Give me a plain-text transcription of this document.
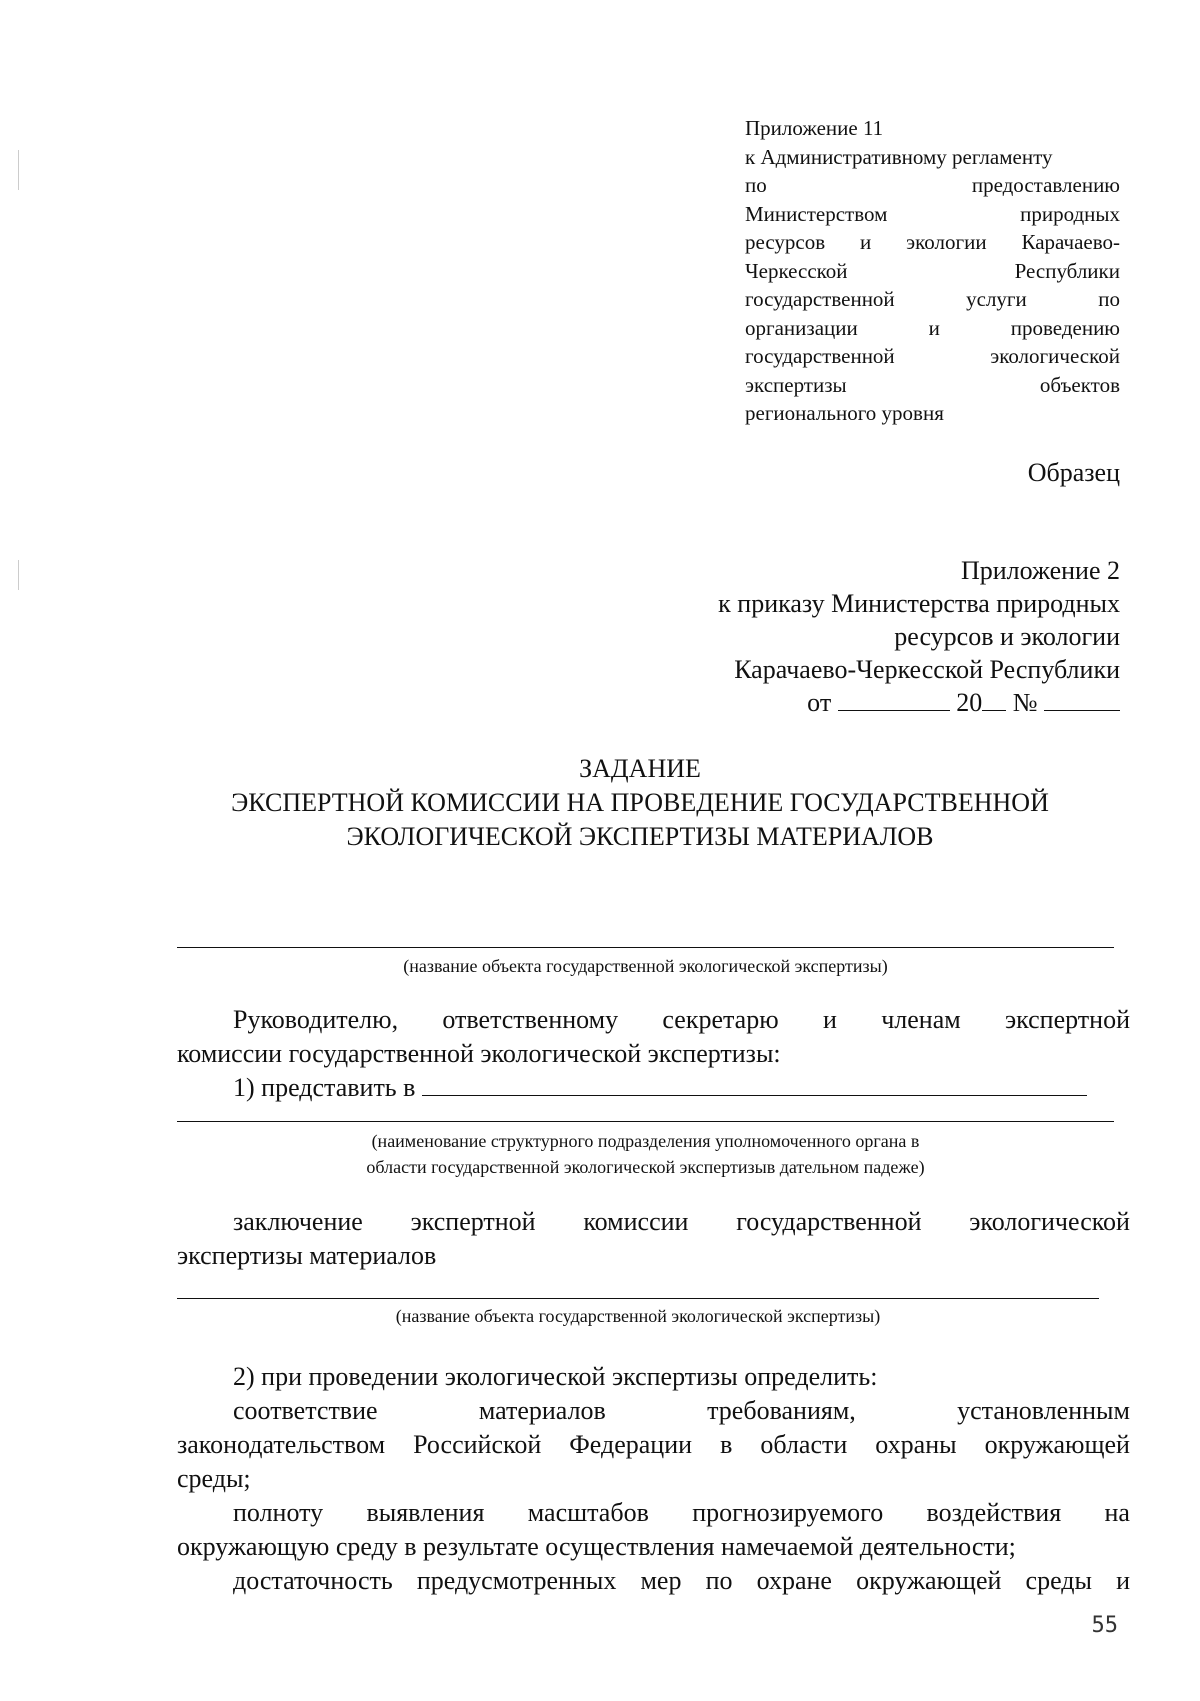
Приложение 11
к Административному регламенту
по	предоставлению
Министерством	природных
ресурсов и экологии Карачаево-
Черкесской	Республики
государственной	услуги	по
организации	и	проведению
государственной	экологической
экспертизы	объектов
регионального уровня
Образец
Приложение 2
к приказу Министерства природных
ресурсов и экологии
Карачаево-Черкесской Республики
от	20 №
ЗАДАНИЕ
ЭКСПЕРТНОЙ КОМИССИИ НА ПРОВЕДЕНИЕ ГОСУДАРСТВЕННОЙ
ЭКОЛОГИЧЕСКОЙ ЭКСПЕРТИЗЫ МАТЕРИАЛОВ
(название объекта государственной экологической экспертизы)
Руководителю, ответственному секретарю и членам экспертной
комиссии государственной экологической экспертизы:
1) представить в
(наименование структурного подразделения уполномоченного органа в
области государственной экологической экспертизыв дательном падеже)
заключение экспертной комиссии государственной экологической
экспертизы материалов
(название объекта государственной экологической экспертизы)
2) при проведении экологической экспертизы определить:
соответствие	материалов	требованиям,	установленным
законодательством Российской Федерации в области охраны окружающей
среды;
полноту выявления масштабов прогнозируемого воздействия на
окружающую среду в результате осуществления намечаемой деятельности;
достаточность предусмотренных мер по охране окружающей среды и
55
